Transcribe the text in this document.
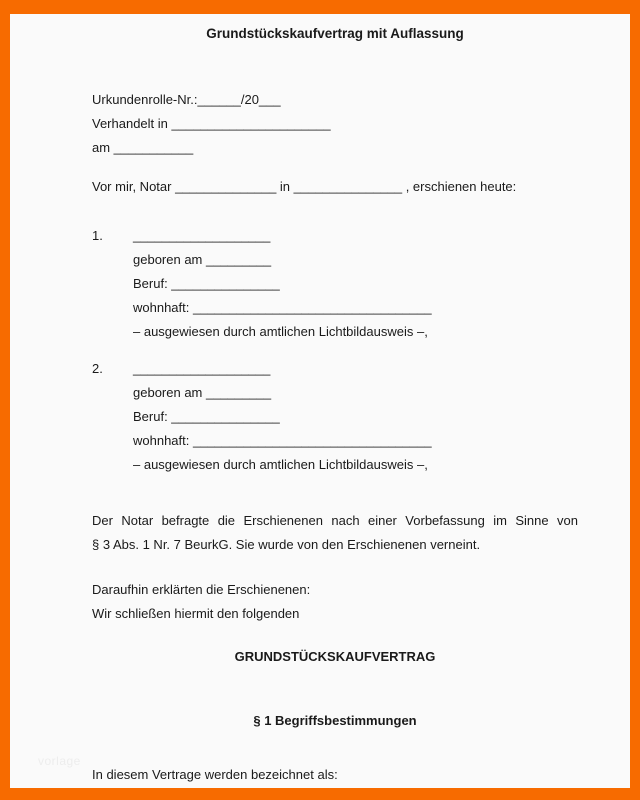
Grundstückskaufvertrag mit Auflassung
Urkundenrolle-Nr.:______/20___
Verhandelt in ______________________
am ___________
Vor mir, Notar ______________ in _______________ , erschienen heute:
1. ___________________
geboren am _________
Beruf: _______________
wohnhaft: _________________________________
– ausgewiesen durch amtlichen Lichtbildausweis –,
2. ___________________
geboren am _________
Beruf: _______________
wohnhaft: _________________________________
– ausgewiesen durch amtlichen Lichtbildausweis –,
Der Notar befragte die Erschienenen nach einer Vorbefassung im Sinne von
§ 3 Abs. 1 Nr. 7 BeurkG. Sie wurde von den Erschienenen verneint.
Daraufhin erklärten die Erschienenen:
Wir schließen hiermit den folgenden
GRUNDSTÜCKSKAUFVERTRAG
§ 1 Begriffsbestimmungen
In diesem Vertrage werden bezeichnet als:
vorlage
